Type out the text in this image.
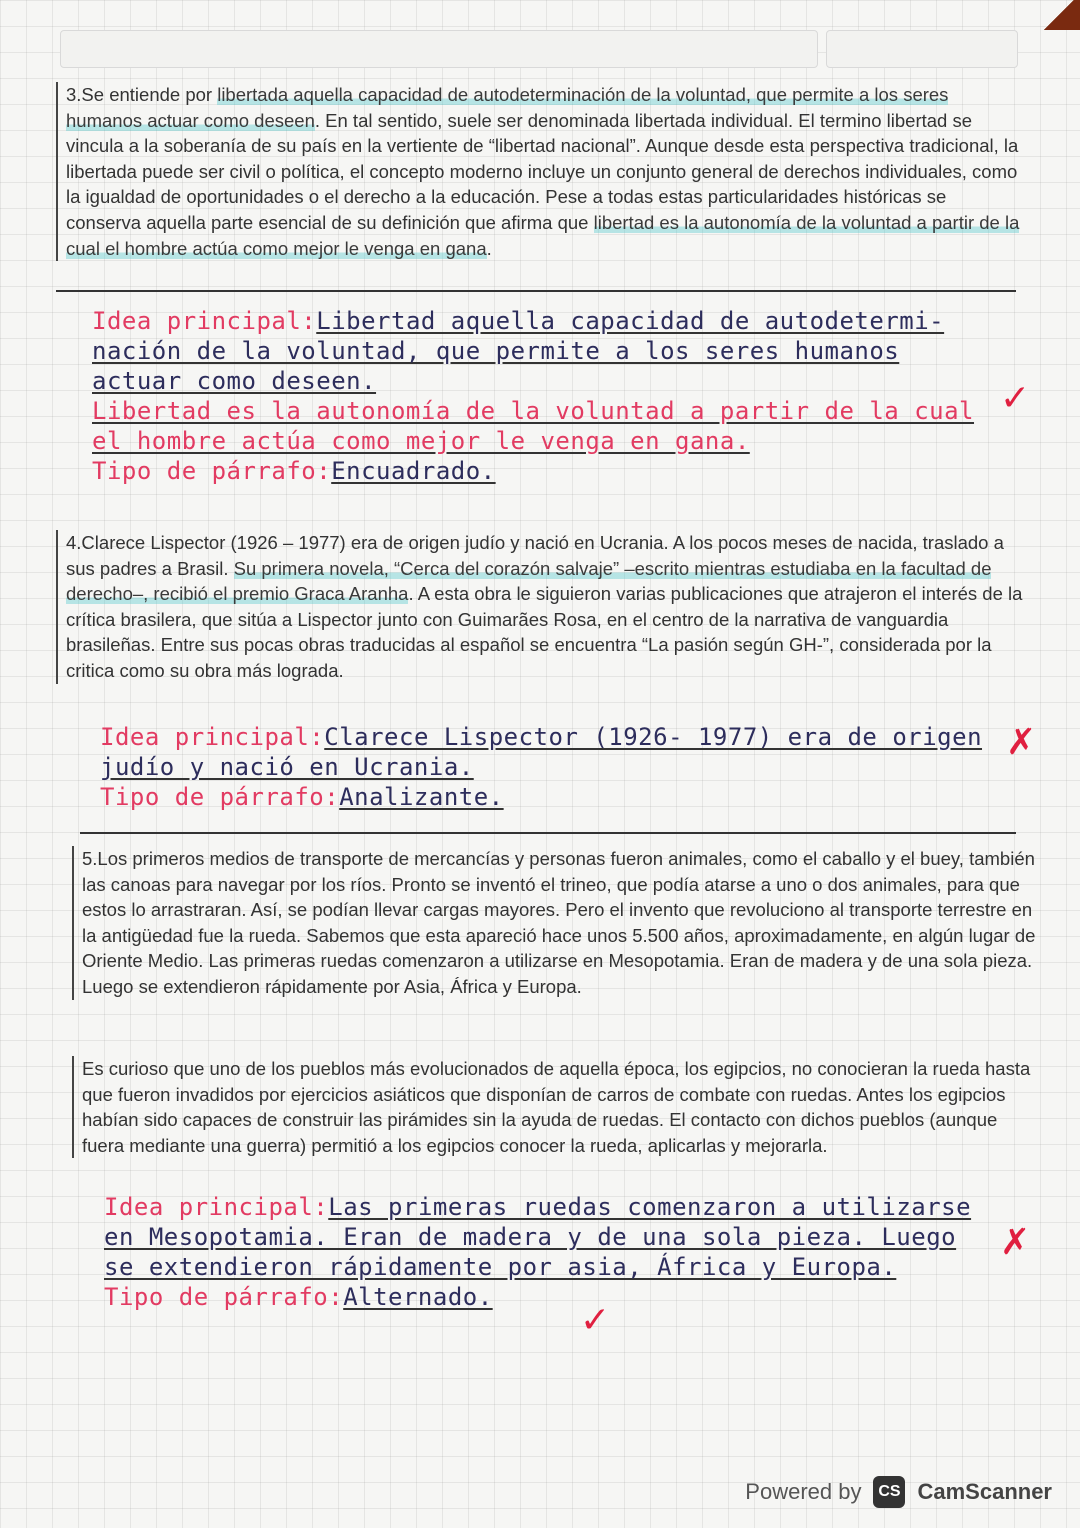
3.Se entiende por libertada aquella capacidad de autodeterminación de la voluntad, que permite a los seres humanos actuar como deseen. En tal sentido, suele ser denominada libertada individual. El termino libertad se vincula a la soberanía de su país en la vertiente de “libertad nacional”. Aunque desde esta perspectiva tradicional, la libertada puede ser civil o política, el concepto moderno incluye un conjunto general de derechos individuales, como la igualdad de oportunidades o el derecho a la educación. Pese a todas estas particularidades históricas se conserva aquella parte esencial de su definición que afirma que libertad es la autonomía de la voluntad a partir de la cual el hombre actúa como mejor le venga en gana.
Idea principal:Libertad aquella capacidad de autodetermi- nación de la voluntad, que permite a los seres humanos actuar como deseen.
Libertad es la autonomía de la voluntad a partir de la cual el hombre actúa como mejor le venga en gana.
Tipo de párrafo:Encuadrado.
✓
4.Clarece Lispector (1926 – 1977) era de origen judío y nació en Ucrania. A los pocos meses de nacida, traslado a sus padres a Brasil. Su primera novela, “Cerca del corazón salvaje” –escrito mientras estudiaba en la facultad de derecho–, recibió el premio Graca Aranha. A esta obra le siguieron varias publicaciones que atrajeron el interés de la crítica brasilera, que sitúa a Lispector junto con Guimarães Rosa, en el centro de la narrativa de vanguardia brasileñas. Entre sus pocas obras traducidas al español se encuentra “La pasión según GH-”, considerada por la critica como su obra más lograda.
Idea principal:Clarece Lispector (1926- 1977) era de origen judío y nació en Ucrania.
Tipo de párrafo:Analizante.
✗
5.Los primeros medios de transporte de mercancías y personas fueron animales, como el caballo y el buey, también las canoas para navegar por los ríos. Pronto se inventó el trineo, que podía atarse a uno o dos animales, para que estos lo arrastraran. Así, se podían llevar cargas mayores. Pero el invento que revoluciono al transporte terrestre en la antigüedad fue la rueda. Sabemos que esta apareció hace unos 5.500 años, aproximadamente, en algún lugar de Oriente Medio. Las primeras ruedas comenzaron a utilizarse en Mesopotamia. Eran de madera y de una sola pieza. Luego se extendieron rápidamente por Asia, África y Europa.
Es curioso que uno de los pueblos más evolucionados de aquella época, los egipcios, no conocieran la rueda hasta que fueron invadidos por ejercicios asiáticos que disponían de carros de combate con ruedas. Antes los egipcios habían sido capaces de construir las pirámides sin la ayuda de ruedas. El contacto con dichos pueblos (aunque fuera mediante una guerra) permitió a los egipcios conocer la rueda, aplicarlas y mejorarla.
Idea principal:Las primeras ruedas comenzaron a utilizarse en Mesopotamia. Eran de madera y de una sola pieza. Luego se extendieron rápidamente por asia, África y Europa.
Tipo de párrafo:Alternado.
✗
✓
Powered by	CS CamScanner
